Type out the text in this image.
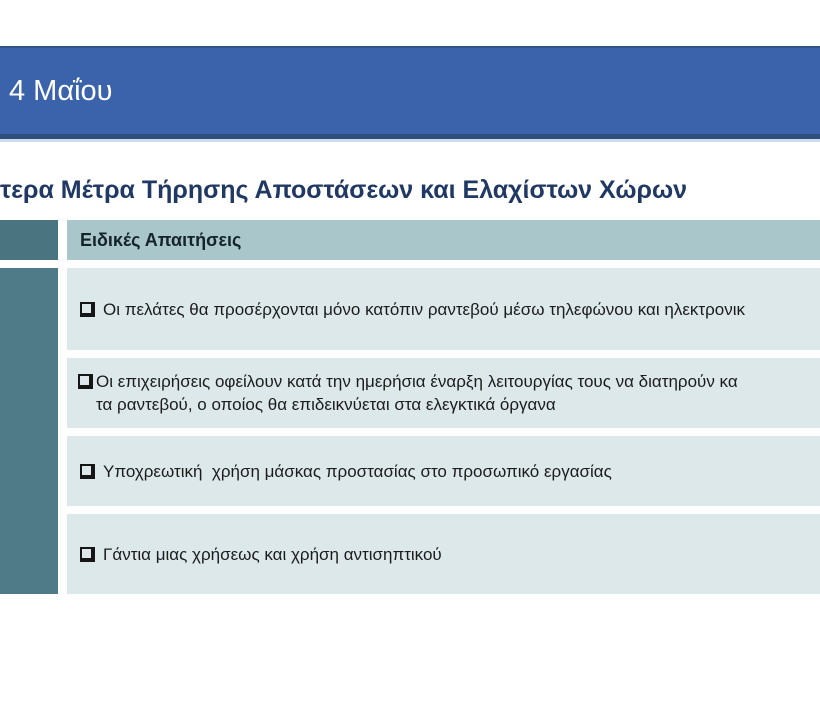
4 Μαΐου
τερα Μέτρα Τήρησης Αποστάσεων και Ελαχίστων Χώρων
Ειδικές Απαιτήσεις
Οι πελάτες θα προσέρχονται μόνο κατόπιν ραντεβού μέσω τηλεφώνου και ηλεκτρονικ
Οι επιχειρήσεις οφείλουν κατά την ημερήσια έναρξη λειτουργίας τους να διατηρούν κα
τα ραντεβού, ο οποίος θα επιδεικνύεται στα ελεγκτικά όργανα
Υποχρεωτική  χρήση μάσκας προστασίας στο προσωπικό εργασίας
Γάντια μιας χρήσεως και χρήση αντισηπτικού
